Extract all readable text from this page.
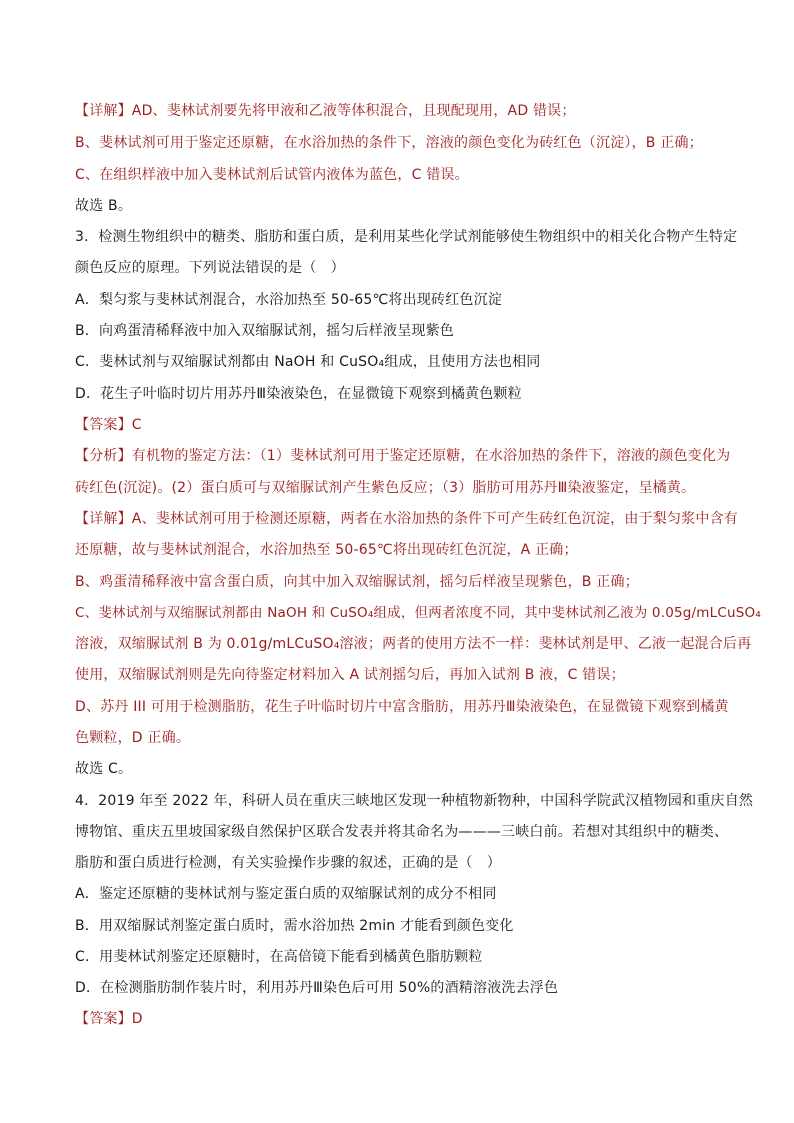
【详解】AD、斐林试剂要先将甲液和乙液等体积混合，且现配现用，AD 错误；
B、斐林试剂可用于鉴定还原糖，在水浴加热的条件下，溶液的颜色变化为砖红色（沉淀），B 正确；
C、在组织样液中加入斐林试剂后试管内液体为蓝色，C 错误。
故选 B。
3．检测生物组织中的糖类、脂肪和蛋白质，是利用某些化学试剂能够使生物组织中的相关化合物产生特定
颜色反应的原理。下列说法错误的是（　）
A．梨匀浆与斐林试剂混合，水浴加热至 50-65℃将出现砖红色沉淀
B．向鸡蛋清稀释液中加入双缩脲试剂，摇匀后样液呈现紫色
C．斐林试剂与双缩脲试剂都由 NaOH 和 CuSO₄组成，且使用方法也相同
D．花生子叶临时切片用苏丹Ⅲ染液染色，在显微镜下观察到橘黄色颗粒
【答案】C
【分析】有机物的鉴定方法：（1）斐林试剂可用于鉴定还原糖，在水浴加热的条件下，溶液的颜色变化为
砖红色(沉淀)。(2）蛋白质可与双缩脲试剂产生紫色反应；（3）脂肪可用苏丹Ⅲ染液鉴定，呈橘黄。
【详解】A、斐林试剂可用于检测还原糖，两者在水浴加热的条件下可产生砖红色沉淀，由于梨匀浆中含有
还原糖，故与斐林试剂混合，水浴加热至 50-65℃将出现砖红色沉淀，A 正确；
B、鸡蛋清稀释液中富含蛋白质，向其中加入双缩脲试剂，摇匀后样液呈现紫色，B 正确；
C、斐林试剂与双缩脲试剂都由 NaOH 和 CuSO₄组成，但两者浓度不同，其中斐林试剂乙液为 0.05g/mLCuSO₄
溶液，双缩脲试剂 B 为 0.01g/mLCuSO₄溶液；两者的使用方法不一样：斐林试剂是甲、乙液一起混合后再
使用，双缩脲试剂则是先向待鉴定材料加入 A 试剂摇匀后，再加入试剂 B 液，C 错误；
D、苏丹 III 可用于检测脂肪，花生子叶临时切片中富含脂肪，用苏丹Ⅲ染液染色，在显微镜下观察到橘黄
色颗粒，D 正确。
故选 C。
4．2019 年至 2022 年，科研人员在重庆三峡地区发现一种植物新物种，中国科学院武汉植物园和重庆自然
博物馆、重庆五里坡国家级自然保护区联合发表并将其命名为———三峡白前。若想对其组织中的糖类、
脂肪和蛋白质进行检测，有关实验操作步骤的叙述，正确的是（　）
A．鉴定还原糖的斐林试剂与鉴定蛋白质的双缩脲试剂的成分不相同
B．用双缩脲试剂鉴定蛋白质时，需水浴加热 2min 才能看到颜色变化
C．用斐林试剂鉴定还原糖时，在高倍镜下能看到橘黄色脂肪颗粒
D．在检测脂肪制作装片时，利用苏丹Ⅲ染色后可用 50%的酒精溶液洗去浮色
【答案】D
